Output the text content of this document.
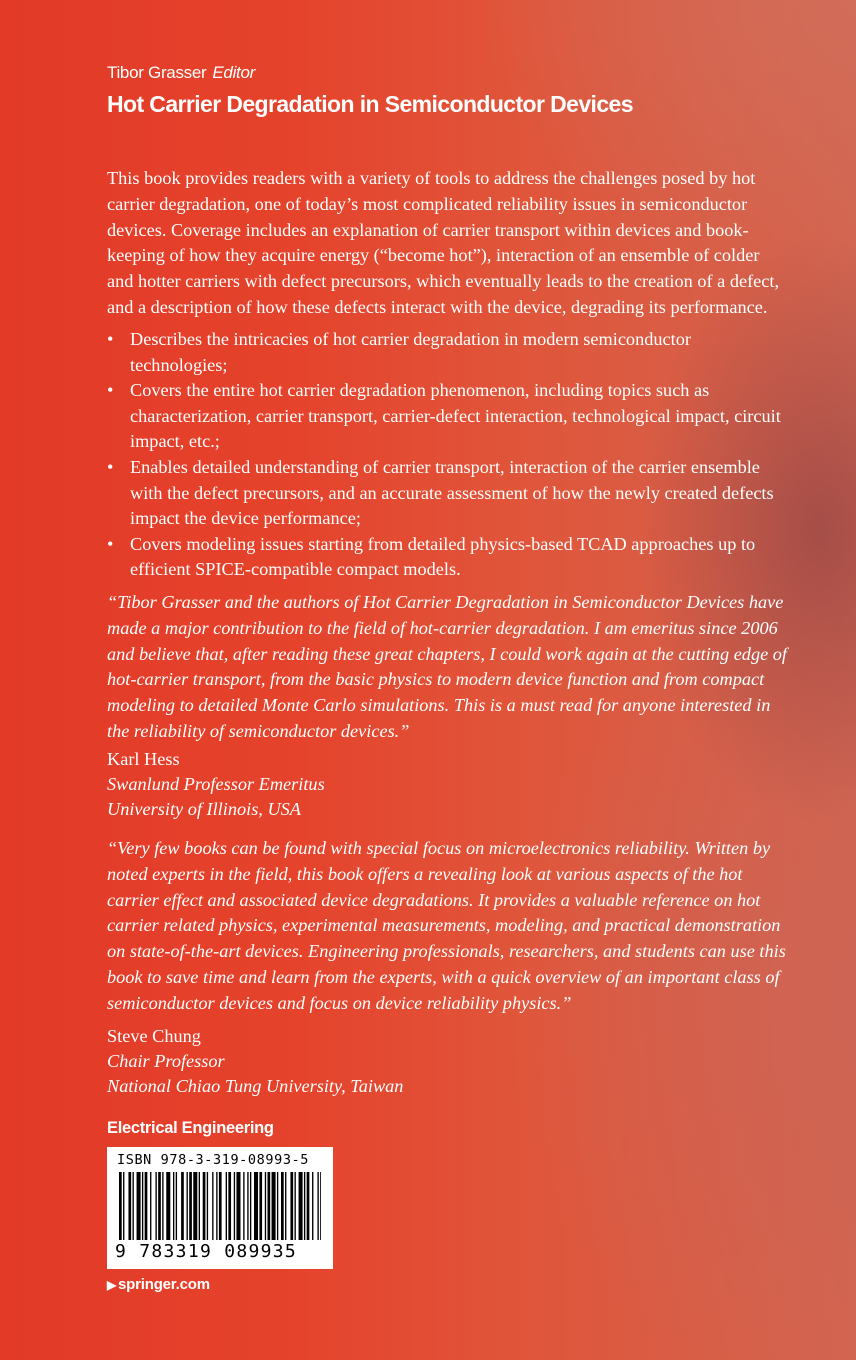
Tibor Grasser Editor
Hot Carrier Degradation in Semiconductor Devices

This book provides readers with a variety of tools to address the challenges posed by hot carrier degradation, one of today’s most complicated reliability issues in semiconductor devices. Coverage includes an explanation of carrier transport within devices and book-keeping of how they acquire energy (“become hot”), interaction of an ensemble of colder and hotter carriers with defect precursors, which eventually leads to the creation of a defect, and a description of how these defects interact with the device, degrading its performance.

• Describes the intricacies of hot carrier degradation in modern semiconductor technologies;
• Covers the entire hot carrier degradation phenomenon, including topics such as characterization, carrier transport, carrier-defect interaction, technological impact, circuit impact, etc.;
• Enables detailed understanding of carrier transport, interaction of the carrier ensemble with the defect precursors, and an accurate assessment of how the newly created defects impact the device performance;
• Covers modeling issues starting from detailed physics-based TCAD approaches up to efficient SPICE-compatible compact models.

“Tibor Grasser and the authors of Hot Carrier Degradation in Semiconductor Devices have made a major contribution to the field of hot-carrier degradation. I am emeritus since 2006 and believe that, after reading these great chapters, I could work again at the cutting edge of hot-carrier transport, from the basic physics to modern device function and from compact modeling to detailed Monte Carlo simulations. This is a must read for anyone interested in the reliability of semiconductor devices.”

Karl Hess
Swanlund Professor Emeritus
University of Illinois, USA

“Very few books can be found with special focus on microelectronics reliability. Written by noted experts in the field, this book offers a revealing look at various aspects of the hot carrier effect and associated device degradations. It provides a valuable reference on hot carrier related physics, experimental measurements, modeling, and practical demonstration on state-of-the-art devices. Engineering professionals, researchers, and students can use this book to save time and learn from the experts, with a quick overview of an important class of semiconductor devices and focus on device reliability physics.”

Steve Chung
Chair Professor
National Chiao Tung University, Taiwan
Electrical Engineering
ISBN 978-3-319-08993-5
9 783319 089935
▶ springer.com
